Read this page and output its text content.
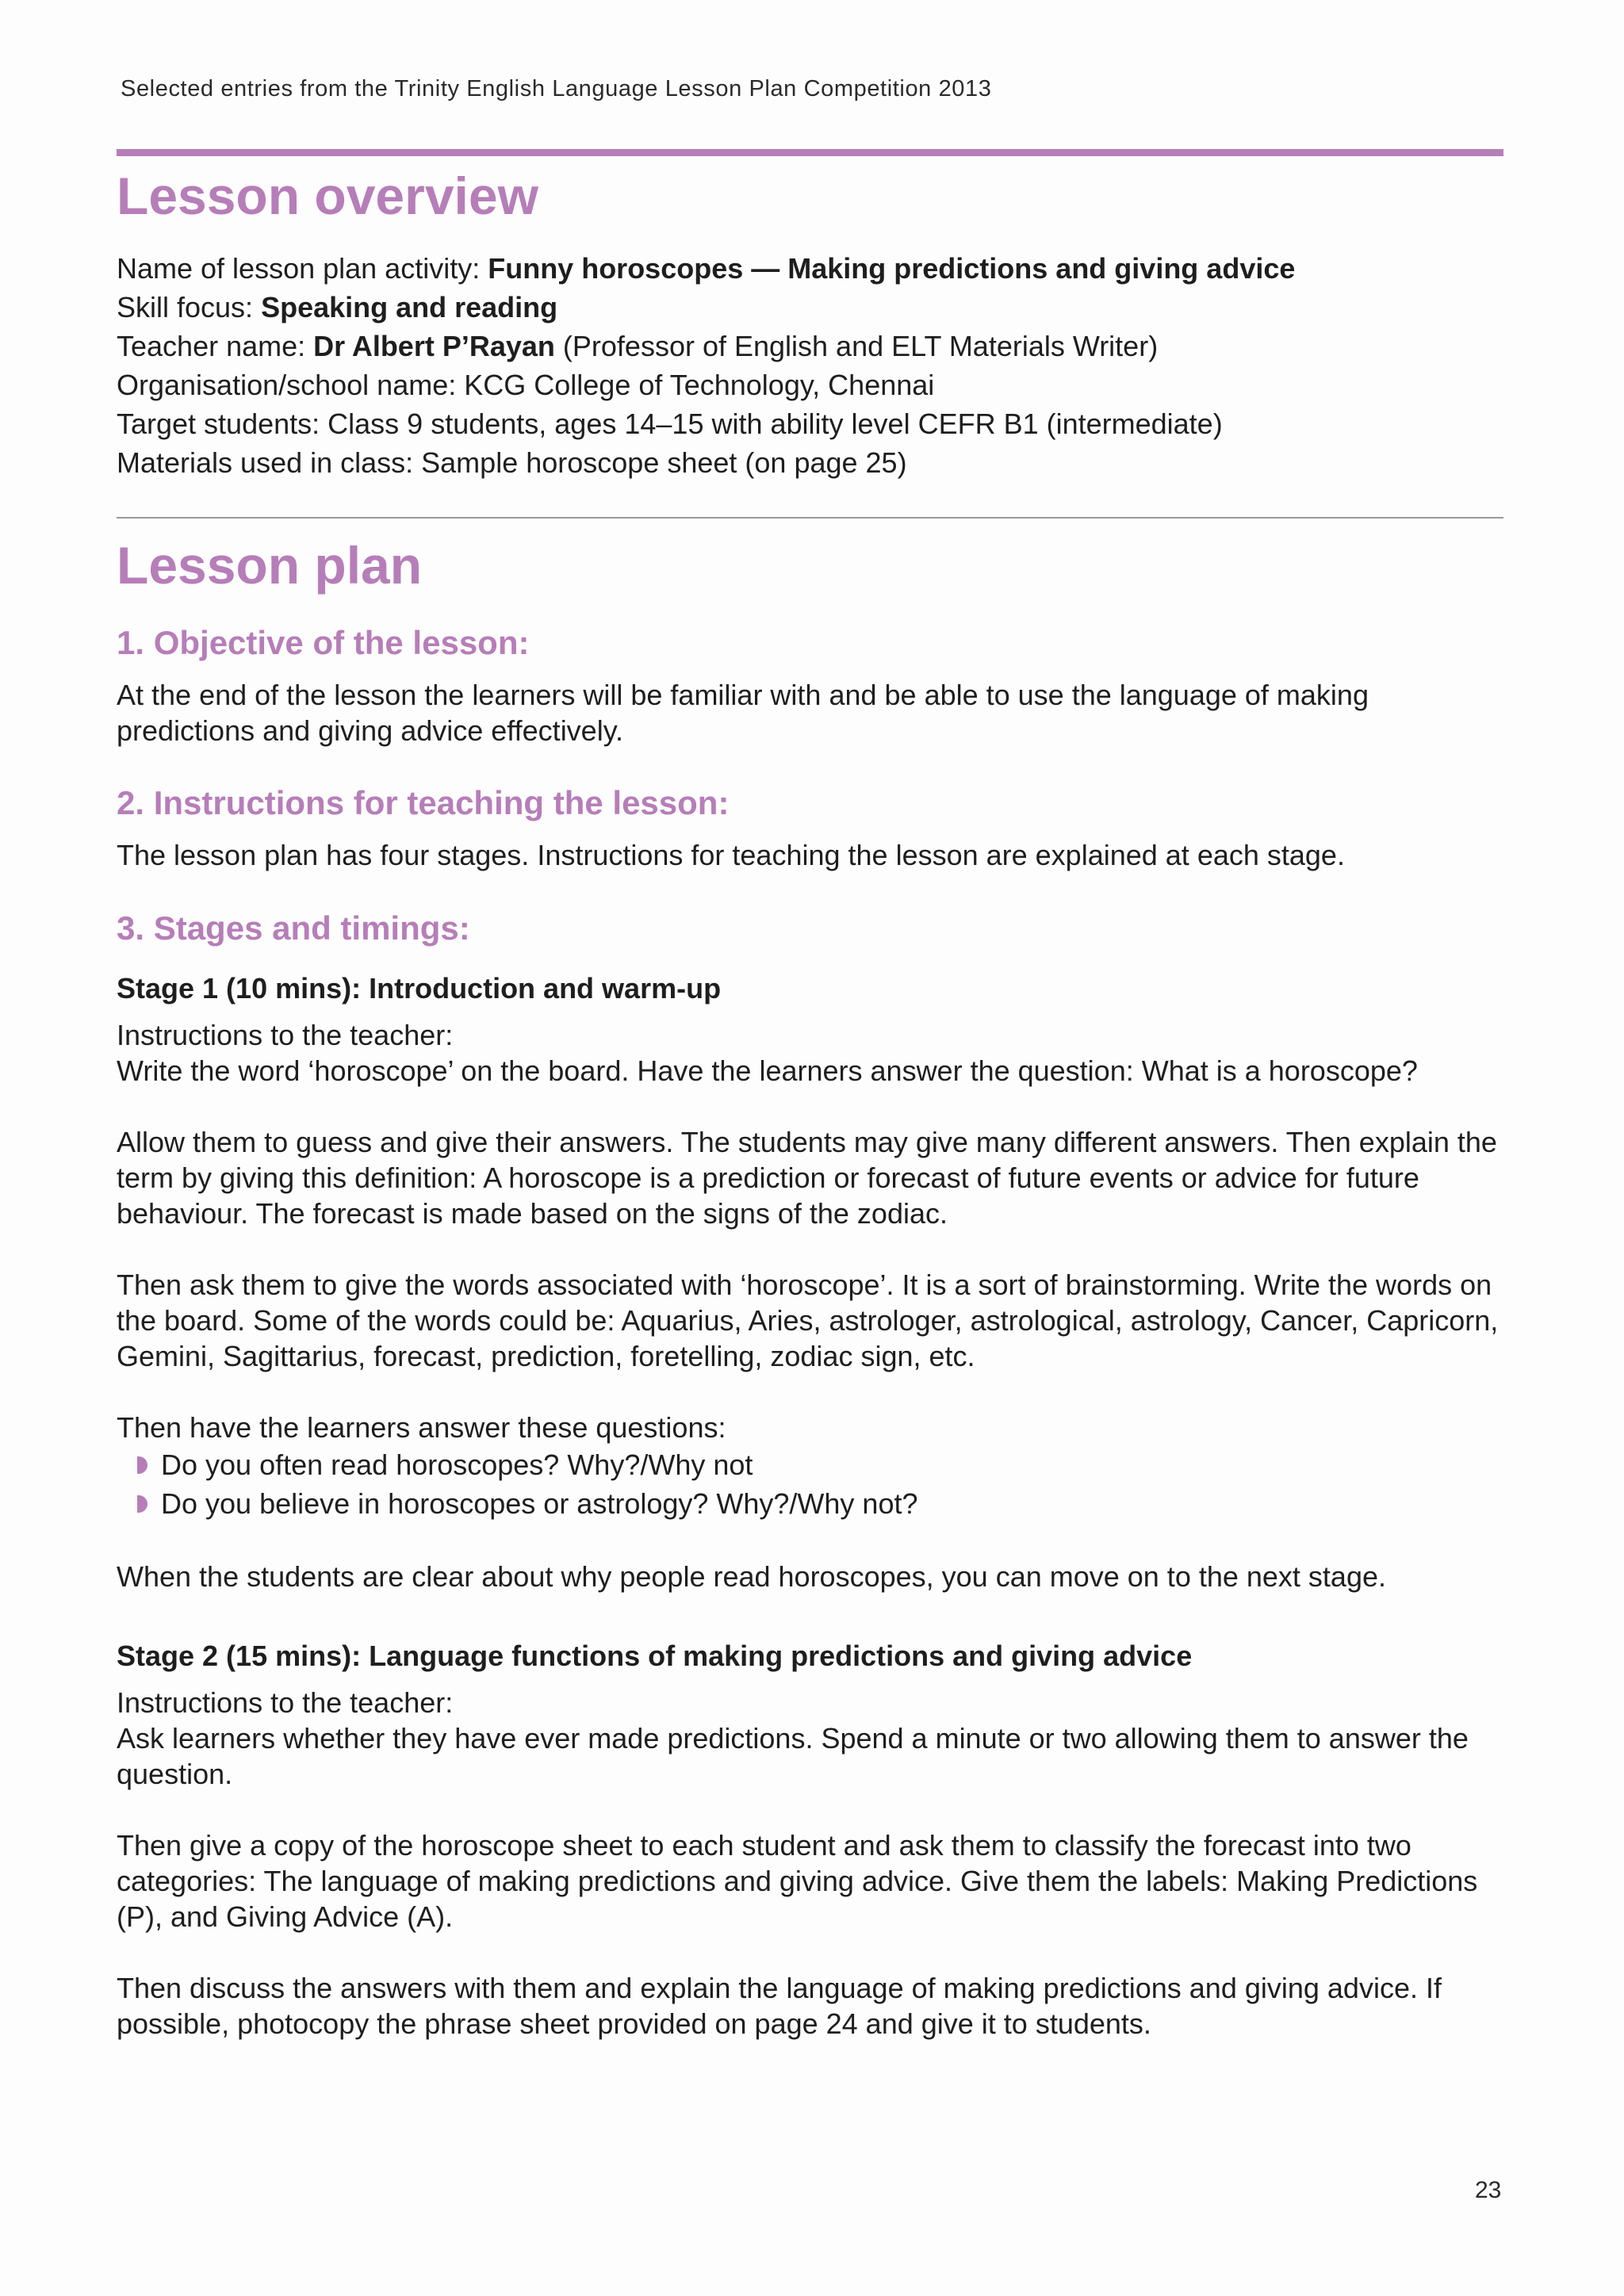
Selected entries from the Trinity English Language Lesson Plan Competition 2013
Lesson overview
Name of lesson plan activity: Funny horoscopes — Making predictions and giving advice
Skill focus: Speaking and reading
Teacher name: Dr Albert P’Rayan (Professor of English and ELT Materials Writer)
Organisation/school name: KCG College of Technology, Chennai
Target students: Class 9 students, ages 14–15 with ability level CEFR B1 (intermediate)
Materials used in class: Sample horoscope sheet (on page 25)
Lesson plan
1. Objective of the lesson:

At the end of the lesson the learners will be familiar with and be able to use the language of making predictions and giving advice effectively.

2. Instructions for teaching the lesson:

The lesson plan has four stages. Instructions for teaching the lesson are explained at each stage.

3. Stages and timings:
Stage 1 (10 mins): Introduction and warm-up
Instructions to the teacher:

Write the word ‘horoscope’ on the board. Have the learners answer the question: What is a horoscope?

Allow them to guess and give their answers. The students may give many different answers. Then explain the term by giving this definition: A horoscope is a prediction or forecast of future events or advice for future behaviour. The forecast is made based on the signs of the zodiac.

Then ask them to give the words associated with ‘horoscope’. It is a sort of brainstorming. Write the words on the board. Some of the words could be: Aquarius, Aries, astrologer, astrological, astrology, Cancer, Capricorn, Gemini, Sagittarius, forecast, prediction, foretelling, zodiac sign, etc.

Then have the learners answer these questions:
Do you often read horoscopes? Why?/Why not
Do you believe in horoscopes or astrology? Why?/Why not?

When the students are clear about why people read horoscopes, you can move on to the next stage.

Stage 2 (15 mins): Language functions of making predictions and giving advice
Instructions to the teacher:

Ask learners whether they have ever made predictions. Spend a minute or two allowing them to answer the question.

Then give a copy of the horoscope sheet to each student and ask them to classify the forecast into two categories: The language of making predictions and giving advice. Give them the labels: Making Predictions (P), and Giving Advice (A).

Then discuss the answers with them and explain the language of making predictions and giving advice. If possible, photocopy the phrase sheet provided on page 24 and give it to students.

23
